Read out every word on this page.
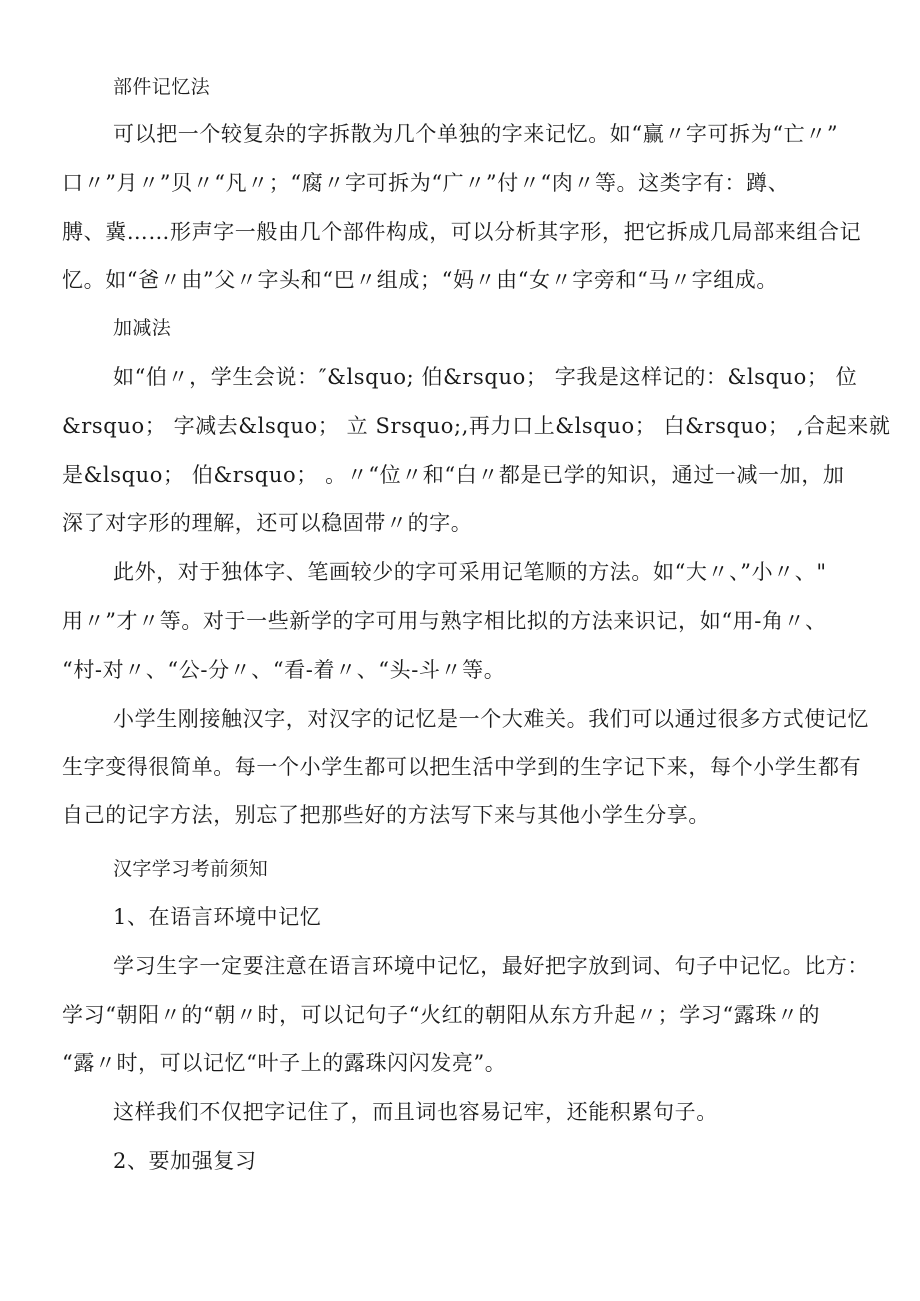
部件记忆法
可以把一个较复杂的字拆散为几个单独的字来记忆。如“赢〃字可拆为“亡〃”
口〃”月〃”贝〃“凡〃；“腐〃字可拆为“广〃”付〃“肉〃等。这类字有：蹲、
膊、冀……形声字一般由几个部件构成，可以分析其字形，把它拆成几局部来组合记
忆。如“爸〃由”父〃字头和“巴〃组成；“妈〃由“女〃字旁和“马〃字组成。
加减法
如“伯〃，学生会说：″&lsquo; 伯&rsquo； 字我是这样记的：&lsquo； 位
&rsquo； 字减去&lsquo； 立 Srsquo;,再力口上&lsquo； 白&rsquo； ,合起来就
是&lsquo； 伯&rsquo； 。〃“位〃和“白〃都是已学的知识，通过一减一加，加
深了对字形的理解，还可以稳固带〃的字。
此外，对于独体字、笔画较少的字可采用记笔顺的方法。如“大〃、”小〃、"
用〃”才〃等。对于一些新学的字可用与熟字相比拟的方法来识记，如“用-角〃、
“村-对〃、“公-分〃、“看-着〃、“头-斗〃等。
小学生刚接触汉字，对汉字的记忆是一个大难关。我们可以通过很多方式使记忆
生字变得很简单。每一个小学生都可以把生活中学到的生字记下来，每个小学生都有
自己的记字方法，别忘了把那些好的方法写下来与其他小学生分享。
汉字学习考前须知
1、在语言环境中记忆
学习生字一定要注意在语言环境中记忆，最好把字放到词、句子中记忆。比方：
学习“朝阳〃的“朝〃时，可以记句子“火红的朝阳从东方升起〃；学习“露珠〃的
“露〃时，可以记忆“叶子上的露珠闪闪发亮”。
这样我们不仅把字记住了，而且词也容易记牢，还能积累句子。
2、要加强复习
